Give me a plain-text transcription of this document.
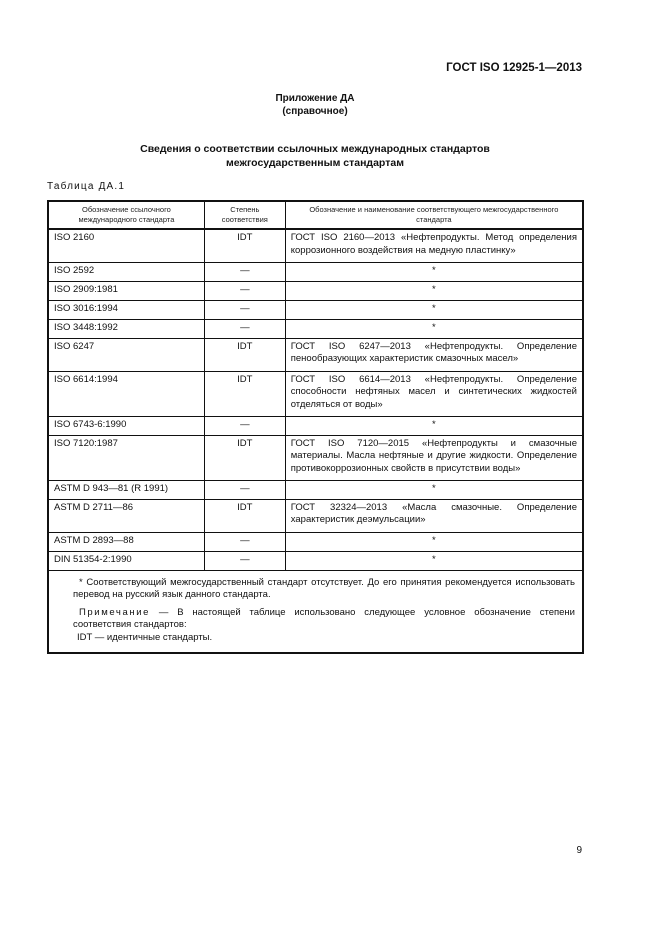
ГОСТ ISO 12925-1—2013
Приложение ДА
(справочное)
Сведения о соответствии ссылочных международных стандартов
межгосударственным стандартам
Таблица ДА.1
Обозначение ссылочного международного стандарта	Степень соответствия	Обозначение и наименование соответствующего межгосударственного стандарта
ISO 2160	IDT	ГОСТ ISO 2160—2013 «Нефтепродукты. Метод определения коррозионного воздействия на медную пластинку»
ISO 2592	—	*
ISO 2909:1981	—	*
ISO 3016:1994	—	*
ISO 3448:1992	—	*
ISO 6247	IDT	ГОСТ ISO 6247—2013 «Нефтепродукты. Определение пенообразующих характеристик смазочных масел»
ISO 6614:1994	IDT	ГОСТ ISO 6614—2013 «Нефтепродукты. Определение способности нефтяных масел и синтетических жидкостей отделяться от воды»
ISO 6743-6:1990	—	*
ISO 7120:1987	IDT	ГОСТ ISO 7120—2015 «Нефтепродукты и смазочные материалы. Масла нефтяные и другие жидкости. Определение противокоррозионных свойств в присутствии воды»
ASTM D 943—81 (R 1991)	—	*
ASTM D 2711—86	IDT	ГОСТ 32324—2013 «Масла смазочные. Определение характеристик деэмульсации»
ASTM D 2893—88	—	*
DIN 51354-2:1990	—	*

* Соответствующий межгосударственный стандарт отсутствует. До его принятия рекомендуется использовать перевод на русский язык данного стандарта.
Примечание — В настоящей таблице использовано следующее условное обозначение степени соответствия стандартов:
IDT — идентичные стандарты.		
9
